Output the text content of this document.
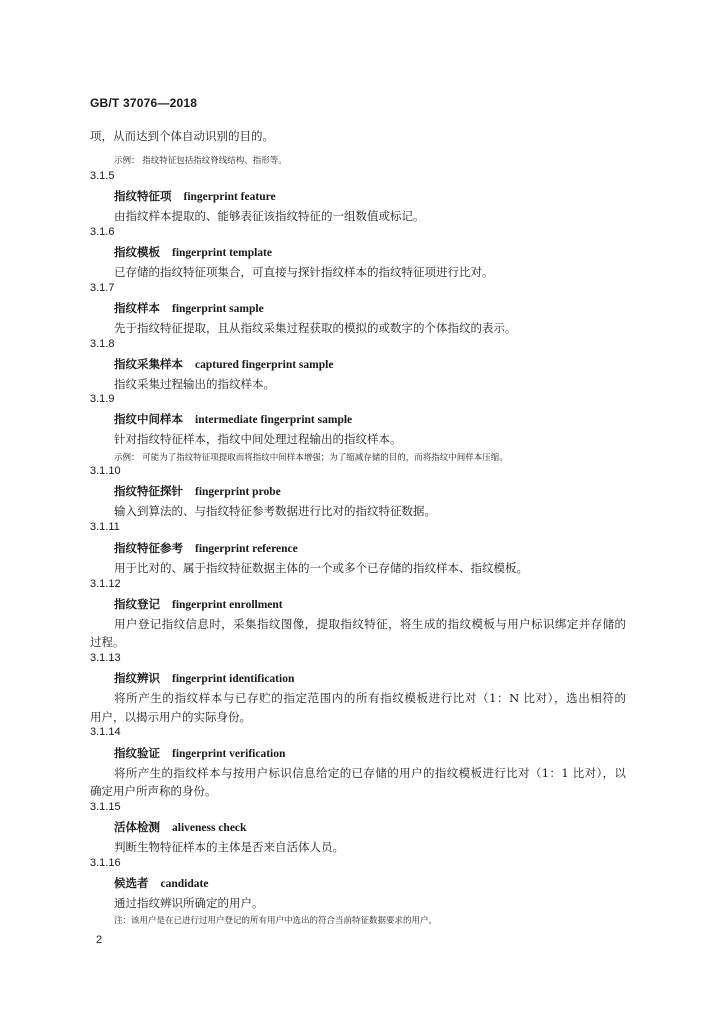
GB/T 37076—2018
项，从而达到个体自动识别的目的。
示例： 指纹特征包括指纹脊线结构、指形等。
3.1.5
指纹特征项 fingerprint feature
由指纹样本提取的、能够表征该指纹特征的一组数值或标记。
3.1.6
指纹模板 fingerprint template
已存储的指纹特征项集合，可直接与探针指纹样本的指纹特征项进行比对。
3.1.7
指纹样本 fingerprint sample
先于指纹特征提取，且从指纹采集过程获取的模拟的或数字的个体指纹的表示。
3.1.8
指纹采集样本 captured fingerprint sample
指纹采集过程输出的指纹样本。
3.1.9
指纹中间样本 intermediate fingerprint sample
针对指纹特征样本，指纹中间处理过程输出的指纹样本。
示例： 可能为了指纹特征项提取而将指纹中间样本增强；为了缩减存储的目的，而将指纹中间样本压缩。
3.1.10
指纹特征探针 fingerprint probe
输入到算法的、与指纹特征参考数据进行比对的指纹特征数据。
3.1.11
指纹特征参考 fingerprint reference
用于比对的、属于指纹特征数据主体的一个或多个已存储的指纹样本、指纹模板。
3.1.12
指纹登记 fingerprint enrollment
用户登记指纹信息时，采集指纹图像，提取指纹特征，将生成的指纹模板与用户标识绑定并存储的
过程。
3.1.13
指纹辨识 fingerprint identification
将所产生的指纹样本与已存贮的指定范围内的所有指纹模板进行比对（1：N 比对），选出相符的
用户，以揭示用户的实际身份。
3.1.14
指纹验证 fingerprint verification
将所产生的指纹样本与按用户标识信息给定的已存储的用户的指纹模板进行比对（1：1 比对），以
确定用户所声称的身份。
3.1.15
活体检测 aliveness check
判断生物特征样本的主体是否来自活体人员。
3.1.16
候选者 candidate
通过指纹辨识所确定的用户。
注：该用户是在已进行过用户登记的所有用户中选出的符合当前特征数据要求的用户。
2
